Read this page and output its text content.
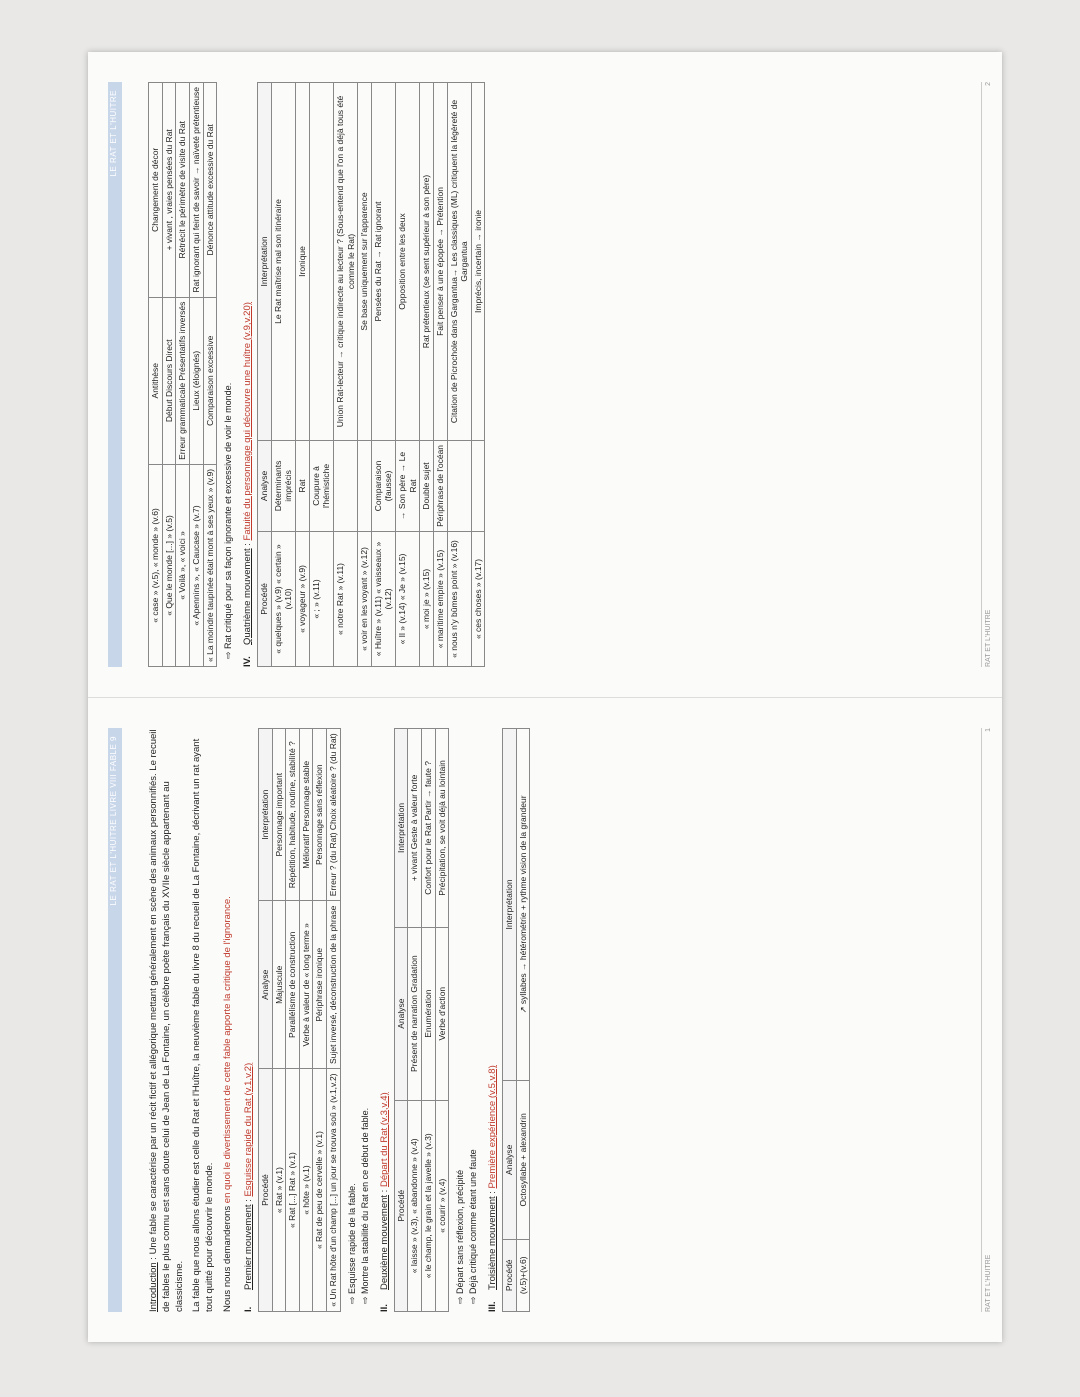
LE RAT ET L'HUITRE LIVRE VIII FABLE 9

Introduction : Une fable se caractérise par un récit fictif et allégorique mettant généralement en scène des animaux personnifiés. Le recueil de fables le plus connu est sans doute celui de Jean de La Fontaine, un célèbre poète français du XVIIe siècle appartenant au classicisme. La fable que nous allons étudier est celle du Rat et l'Huître, la neuvième fable du livre 8 du recueil de La Fontaine, décrivant un rat ayant tout quitté pour découvrir le monde. Nous nous demanderons en quoi le divertissement de cette fable apporte la critique de l'ignorance.

I.Premier mouvement : Esquisse rapide du Rat (v.1,v.2) Procédé	Analyse	Interprétation
« Rat » (v.1)	Majuscule	Personnage important
« Rat [...] Rat » (v.1)	Parallélisme de construction	Répétition, habitude, routine, stabilité ?
« hôte » (v.1)	Verbe à valeur de « long terme »	Mélioratif Personnage stable
« Rat de peu de cervelle » (v.1)	Périphrase ironique	Personnage sans réflexion
« Un Rat hôte d'un champ [...] un jour se trouva soû » (v.1,v.2)	Sujet inversé, déconstruction de la phrase	Erreur ? (du Rat) Choix aléatoire ? (du Rat)
⇨ Esquisse rapide de la fable. ⇨ Montre la stabilité du Rat en ce début de fable.
II.Deuxième mouvement : Départ du Rat (v.3,v.4)
Procédé	Analyse	Interprétation
« laisse » (v.3), « abandonne » (v.4)	Présent de narration Gradation	+ vivant Geste à valeur forte
« le champ, le grain et la javelle » (v.3)	Enumération	Confort pour le Rat Partir → faute ?
« courir » (v.4)	Verbe d'action	Précipitation, se voit déjà au lointain
⇨ Départ sans réflexion, précipité ⇨ Déjà critiqué comme étant une faute
III.Troisième mouvement : Première expérience (v.5,v.8)
Procédé	Analyse	Interprétation
(v.5)+(v.6)	Octosyllabe + alexandrin	↗ syllabes → hétérométrie + rythme vision de la grandeur
RAT ET L'HUITRE
1
LE RAT ET L'HUITRE
« case » (v.5), « monde » (v.6)	Antithèse	Changement de décor
« Que le monde [...] » (v.5)	Début Discours Direct	+ vivant , vraies pensées du Rat
« Voilà », « voici »	Erreur grammaticale Présentatifs inversés	Rétrécit le périmètre de visite du Rat
« Apennins », « Caucase » (v.7)	Lieux (éloignés)	Rat ignorant qui feint de savoir → naïveté prétentieuse
« La moindre taupinée était mont à ses yeux » (v.9)	Comparaison excessive	Dénonce attitude excessive du Rat
⇨ Rat critiqué pour sa façon ignorante et excessive de voir le monde.
IV.Quatrième mouvement : Fatuité du personnage qui découvre une huître (v.9,v.20)
Procédé	Analyse	Interprétation
« quelques » (v.9) « certain » (v.10)	Déterminants imprécis	Le Rat maîtrise mal son itinéraire
« voyageur » (v.9)	Rat	Ironique
« ; » (v.11)	Coupure à l'hémistiche	
« notre Rat » (v.11)		Union Rat-lecteur → critique indirecte au lecteur ? (Sous-entend que l'on a déjà tous été comme le Rat)
« voir en les voyant » (v.12)		Se base uniquement sur l'apparence
« Huître » (v.11) « vaisseaux » (v.12)	Comparaison (fausse)	Pensées du Rat → Rat ignorant
« Il » (v.14) « Je » (v.15)	→ Son père → Le Rat	Opposition entre les deux
« moi je » (v.15)	Double sujet	Rat prétentieux (se sent supérieur à son père)
« maritime empire » (v.15)	Périphrase de l'océan	Fait penser à une épopée → Prétention
« nous n'y bûmes point » (v.16)		Citation de Picrochole dans Gargantua→ Les classiques (ML) critiquent la légèreté de Gargantua
« ces choses » (v.17)		Imprécis, incertain → ironie
RAT ET L'HUITRE
2
